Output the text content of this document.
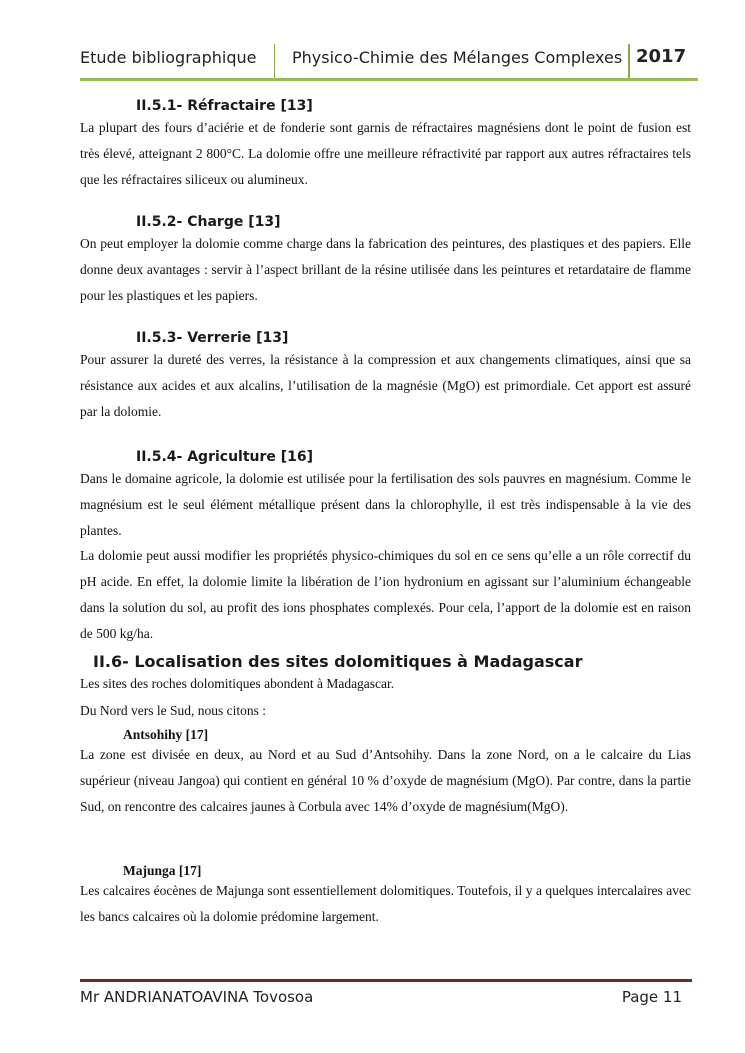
Etude bibliographique Physico-Chimie des Mélanges Complexes 2017
II.5.1- Réfractaire [13]
La plupart des fours d’aciérie et de fonderie sont garnis de réfractaires magnésiens dont le point de fusion est très élevé, atteignant 2 800°C. La dolomie offre une meilleure réfractivité par rapport aux autres réfractaires tels que les réfractaires siliceux ou alumineux.
II.5.2- Charge [13]
On peut employer la dolomie comme charge dans la fabrication des peintures, des plastiques et des papiers. Elle donne deux avantages : servir à l’aspect brillant de la résine utilisée dans les peintures et retardataire de flamme pour les plastiques et les papiers.
II.5.3- Verrerie [13]
Pour assurer la dureté des verres, la résistance à la compression et aux changements climatiques, ainsi que sa résistance aux acides et aux alcalins, l’utilisation de la magnésie (MgO) est primordiale. Cet apport est assuré par la dolomie.
II.5.4- Agriculture [16]
Dans le domaine agricole, la dolomie est utilisée pour la fertilisation des sols pauvres en magnésium. Comme le magnésium est le seul élément métallique présent dans la chlorophylle, il est très indispensable à la vie des plantes.
La dolomie peut aussi modifier les propriétés physico-chimiques du sol en ce sens qu’elle a un rôle correctif du pH acide. En effet, la dolomie limite la libération de l’ion hydronium en agissant sur l’aluminium échangeable dans la solution du sol, au profit des ions phosphates complexés. Pour cela, l’apport de la dolomie est en raison de 500 kg/ha.
II.6- Localisation des sites dolomitiques à Madagascar
Les sites des roches dolomitiques abondent à Madagascar.
Du Nord vers le Sud, nous citons :
Antsohihy [17]
La zone est divisée en deux, au Nord et au Sud d’Antsohihy. Dans la zone Nord, on a le calcaire du Lias supérieur (niveau Jangoa) qui contient en général 10 % d’oxyde de magnésium (MgO). Par contre, dans la partie Sud, on rencontre des calcaires jaunes à Corbula avec 14% d’oxyde de magnésium(MgO).
Majunga [17]
Les calcaires éocènes de Majunga sont essentiellement dolomitiques. Toutefois, il y a quelques intercalaires avec les bancs calcaires où la dolomie prédomine largement.
Mr ANDRIANATOAVINA Tovosoa	Page 11
